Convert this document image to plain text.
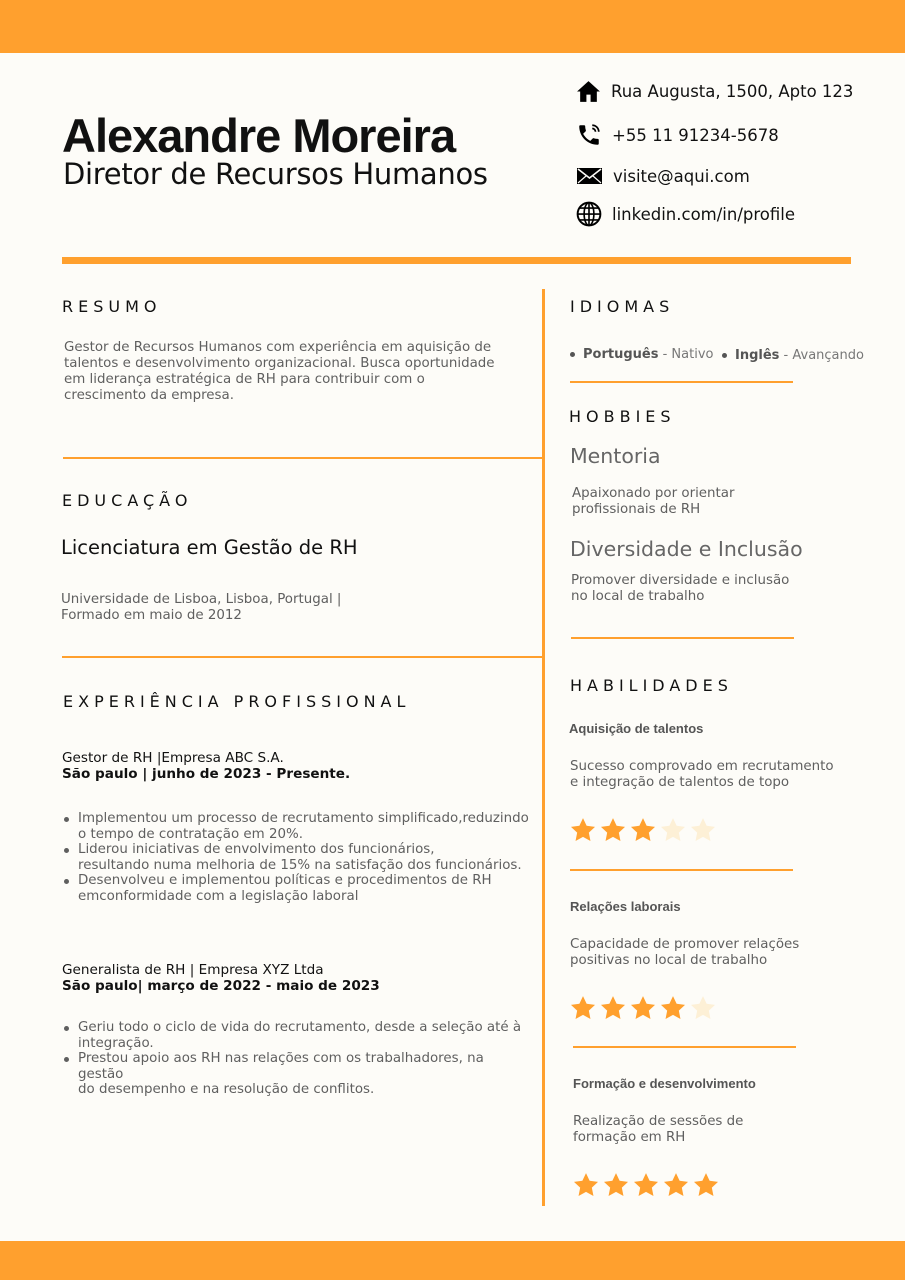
Alexandre Moreira
Diretor de Recursos Humanos
Rua Augusta, 1500, Apto 123
+55 11 91234-5678
visite@aqui.com
linkedin.com/in/profile
RESUMO
Gestor de Recursos Humanos com experiência em aquisição de
talentos e desenvolvimento organizacional. Busca oportunidade
em liderança estratégica de RH para contribuir com o
crescimento da empresa.
EDUCAÇÃO
Licenciatura em Gestão de RH
Universidade de Lisboa, Lisboa, Portugal |
Formado em maio de 2012
EXPERIÊNCIA PROFISSIONAL
Gestor de RH |Empresa ABC S.A.
São paulo | junho de 2023 - Presente.
Implementou um processo de recrutamento simplificado,reduzindo
o tempo de contratação em 20%.
Liderou iniciativas de envolvimento dos funcionários,
resultando numa melhoria de 15% na satisfação dos funcionários.
Desenvolveu e implementou políticas e procedimentos de RH
emconformidade com a legislação laboral
Generalista de RH | Empresa XYZ Ltda
São paulo| março de 2022 - maio de 2023
Geriu todo o ciclo de vida do recrutamento, desde a seleção até à
integração.
Prestou apoio aos RH nas relações com os trabalhadores, na gestão
do desempenho e na resolução de conflitos.
IDIOMAS
Português - Nativo Inglês - Avançando
HOBBIES
Mentoria
Apaixonado por orientar
profissionais de RH
Diversidade e Inclusão
Promover diversidade e inclusão
no local de trabalho
HABILIDADES
Aquisição de talentos
Sucesso comprovado em recrutamento
e integração de talentos de topo
Relações laborais
Capacidade de promover relações
positivas no local de trabalho
Formação e desenvolvimento
Realização de sessões de
formação em RH
